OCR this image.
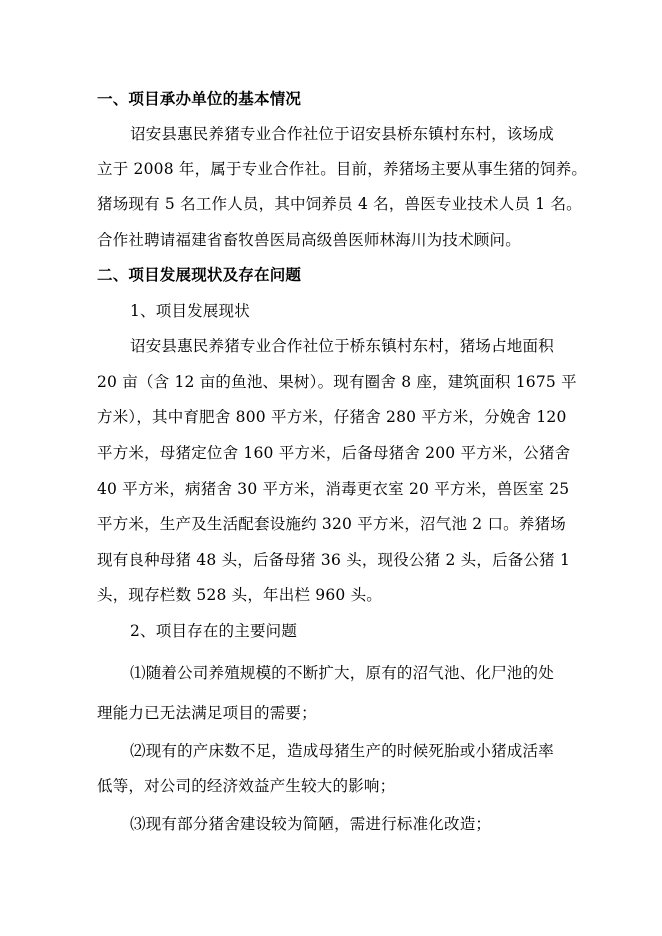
一、项目承办单位的基本情况
诏安县惠民养猪专业合作社位于诏安县桥东镇村东村，该场成
立于 2008 年，属于专业合作社。目前，养猪场主要从事生猪的饲养。
猪场现有 5 名工作人员，其中饲养员 4 名，兽医专业技术人员 1 名。
合作社聘请福建省畜牧兽医局高级兽医师林海川为技术顾问。
二、项目发展现状及存在问题
1、项目发展现状
诏安县惠民养猪专业合作社位于桥东镇村东村，猪场占地面积
20 亩（含 12 亩的鱼池、果树）。现有圈舍 8 座，建筑面积 1675 平
方米），其中育肥舍 800 平方米，仔猪舍 280 平方米，分娩舍 120
平方米，母猪定位舍 160 平方米，后备母猪舍 200 平方米，公猪舍
40 平方米，病猪舍 30 平方米，消毒更衣室 20 平方米，兽医室 25
平方米，生产及生活配套设施约 320 平方米，沼气池 2 口。养猪场
现有良种母猪 48 头，后备母猪 36 头，现役公猪 2 头，后备公猪 1
头，现存栏数 528 头，年出栏 960 头。
2、项目存在的主要问题
⑴随着公司养殖规模的不断扩大，原有的沼气池、化尸池的处
理能力已无法满足项目的需要；
⑵现有的产床数不足，造成母猪生产的时候死胎或小猪成活率
低等，对公司的经济效益产生较大的影响；
⑶现有部分猪舍建设较为简陋，需进行标准化改造；
